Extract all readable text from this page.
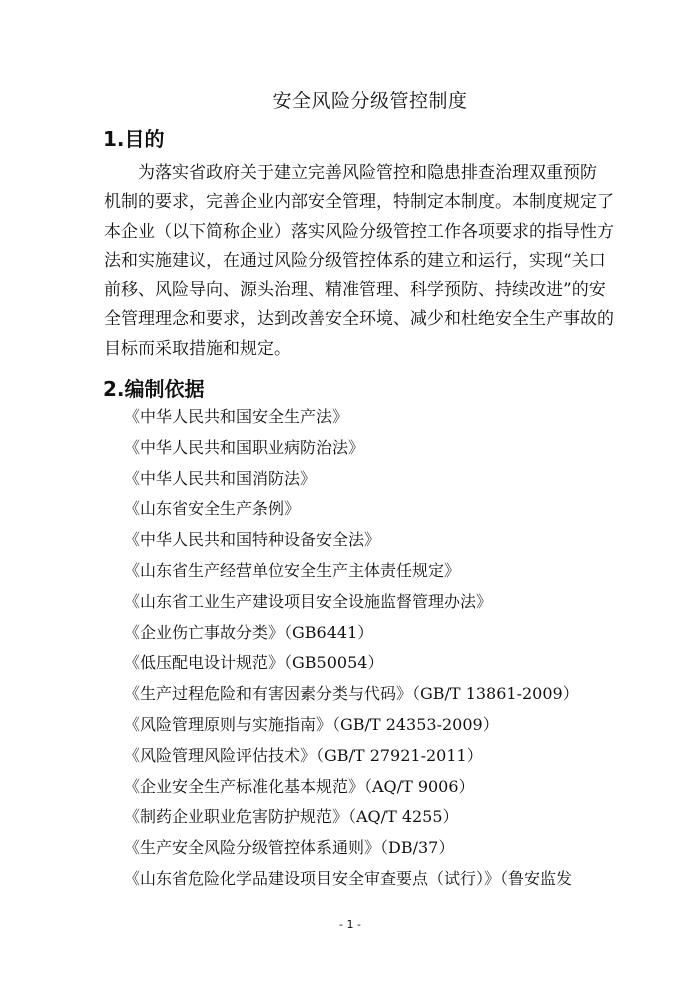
安全风险分级管控制度
1.目的
为落实省政府关于建立完善风险管控和隐患排查治理双重预防
机制的要求，完善企业内部安全管理，特制定本制度。本制度规定了
本企业（以下简称企业）落实风险分级管控工作各项要求的指导性方
法和实施建议，在通过风险分级管控体系的建立和运行，实现“关口
前移、风险导向、源头治理、精准管理、科学预防、持续改进”的安
全管理理念和要求，达到改善安全环境、减少和杜绝安全生产事故的
目标而采取措施和规定。
2.编制依据
《中华人民共和国安全生产法》
《中华人民共和国职业病防治法》
《中华人民共和国消防法》
《山东省安全生产条例》
《中华人民共和国特种设备安全法》
《山东省生产经营单位安全生产主体责任规定》
《山东省工业生产建设项目安全设施监督管理办法》
《企业伤亡事故分类》（GB6441）
《低压配电设计规范》（GB50054）
《生产过程危险和有害因素分类与代码》（GB/T 13861-2009）
《风险管理原则与实施指南》（GB/T 24353-2009）
《风险管理风险评估技术》（GB/T 27921-2011）
《企业安全生产标准化基本规范》（AQ/T 9006）
《制药企业职业危害防护规范》（AQ/T 4255）
《生产安全风险分级管控体系通则》（DB/37）
《山东省危险化学品建设项目安全审查要点（试行）》（鲁安监发
- 1 -
